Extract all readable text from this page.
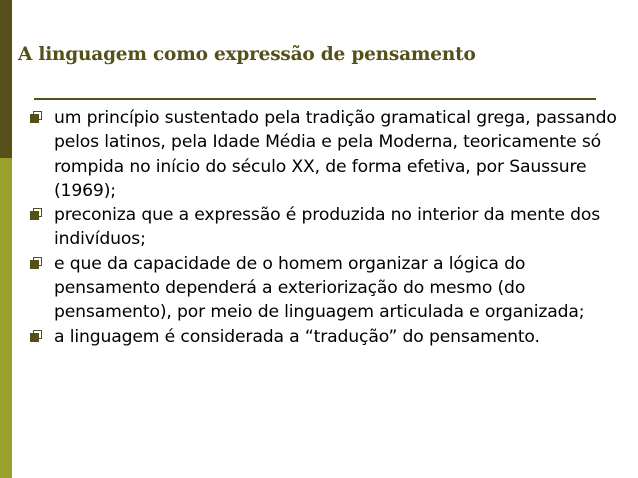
A linguagem como expressão de pensamento
um princípio sustentado pela tradição gramatical grega, passando pelos latinos, pela Idade Média e pela Moderna, teoricamente só rompida no início do século XX, de forma efetiva, por Saussure (1969);
preconiza que a expressão é produzida no interior da mente dos indivíduos;
e que da capacidade de o homem organizar a lógica do pensamento dependerá a exteriorização do mesmo (do pensamento), por meio de linguagem articulada e organizada;
a linguagem é considerada a “tradução” do pensamento.
